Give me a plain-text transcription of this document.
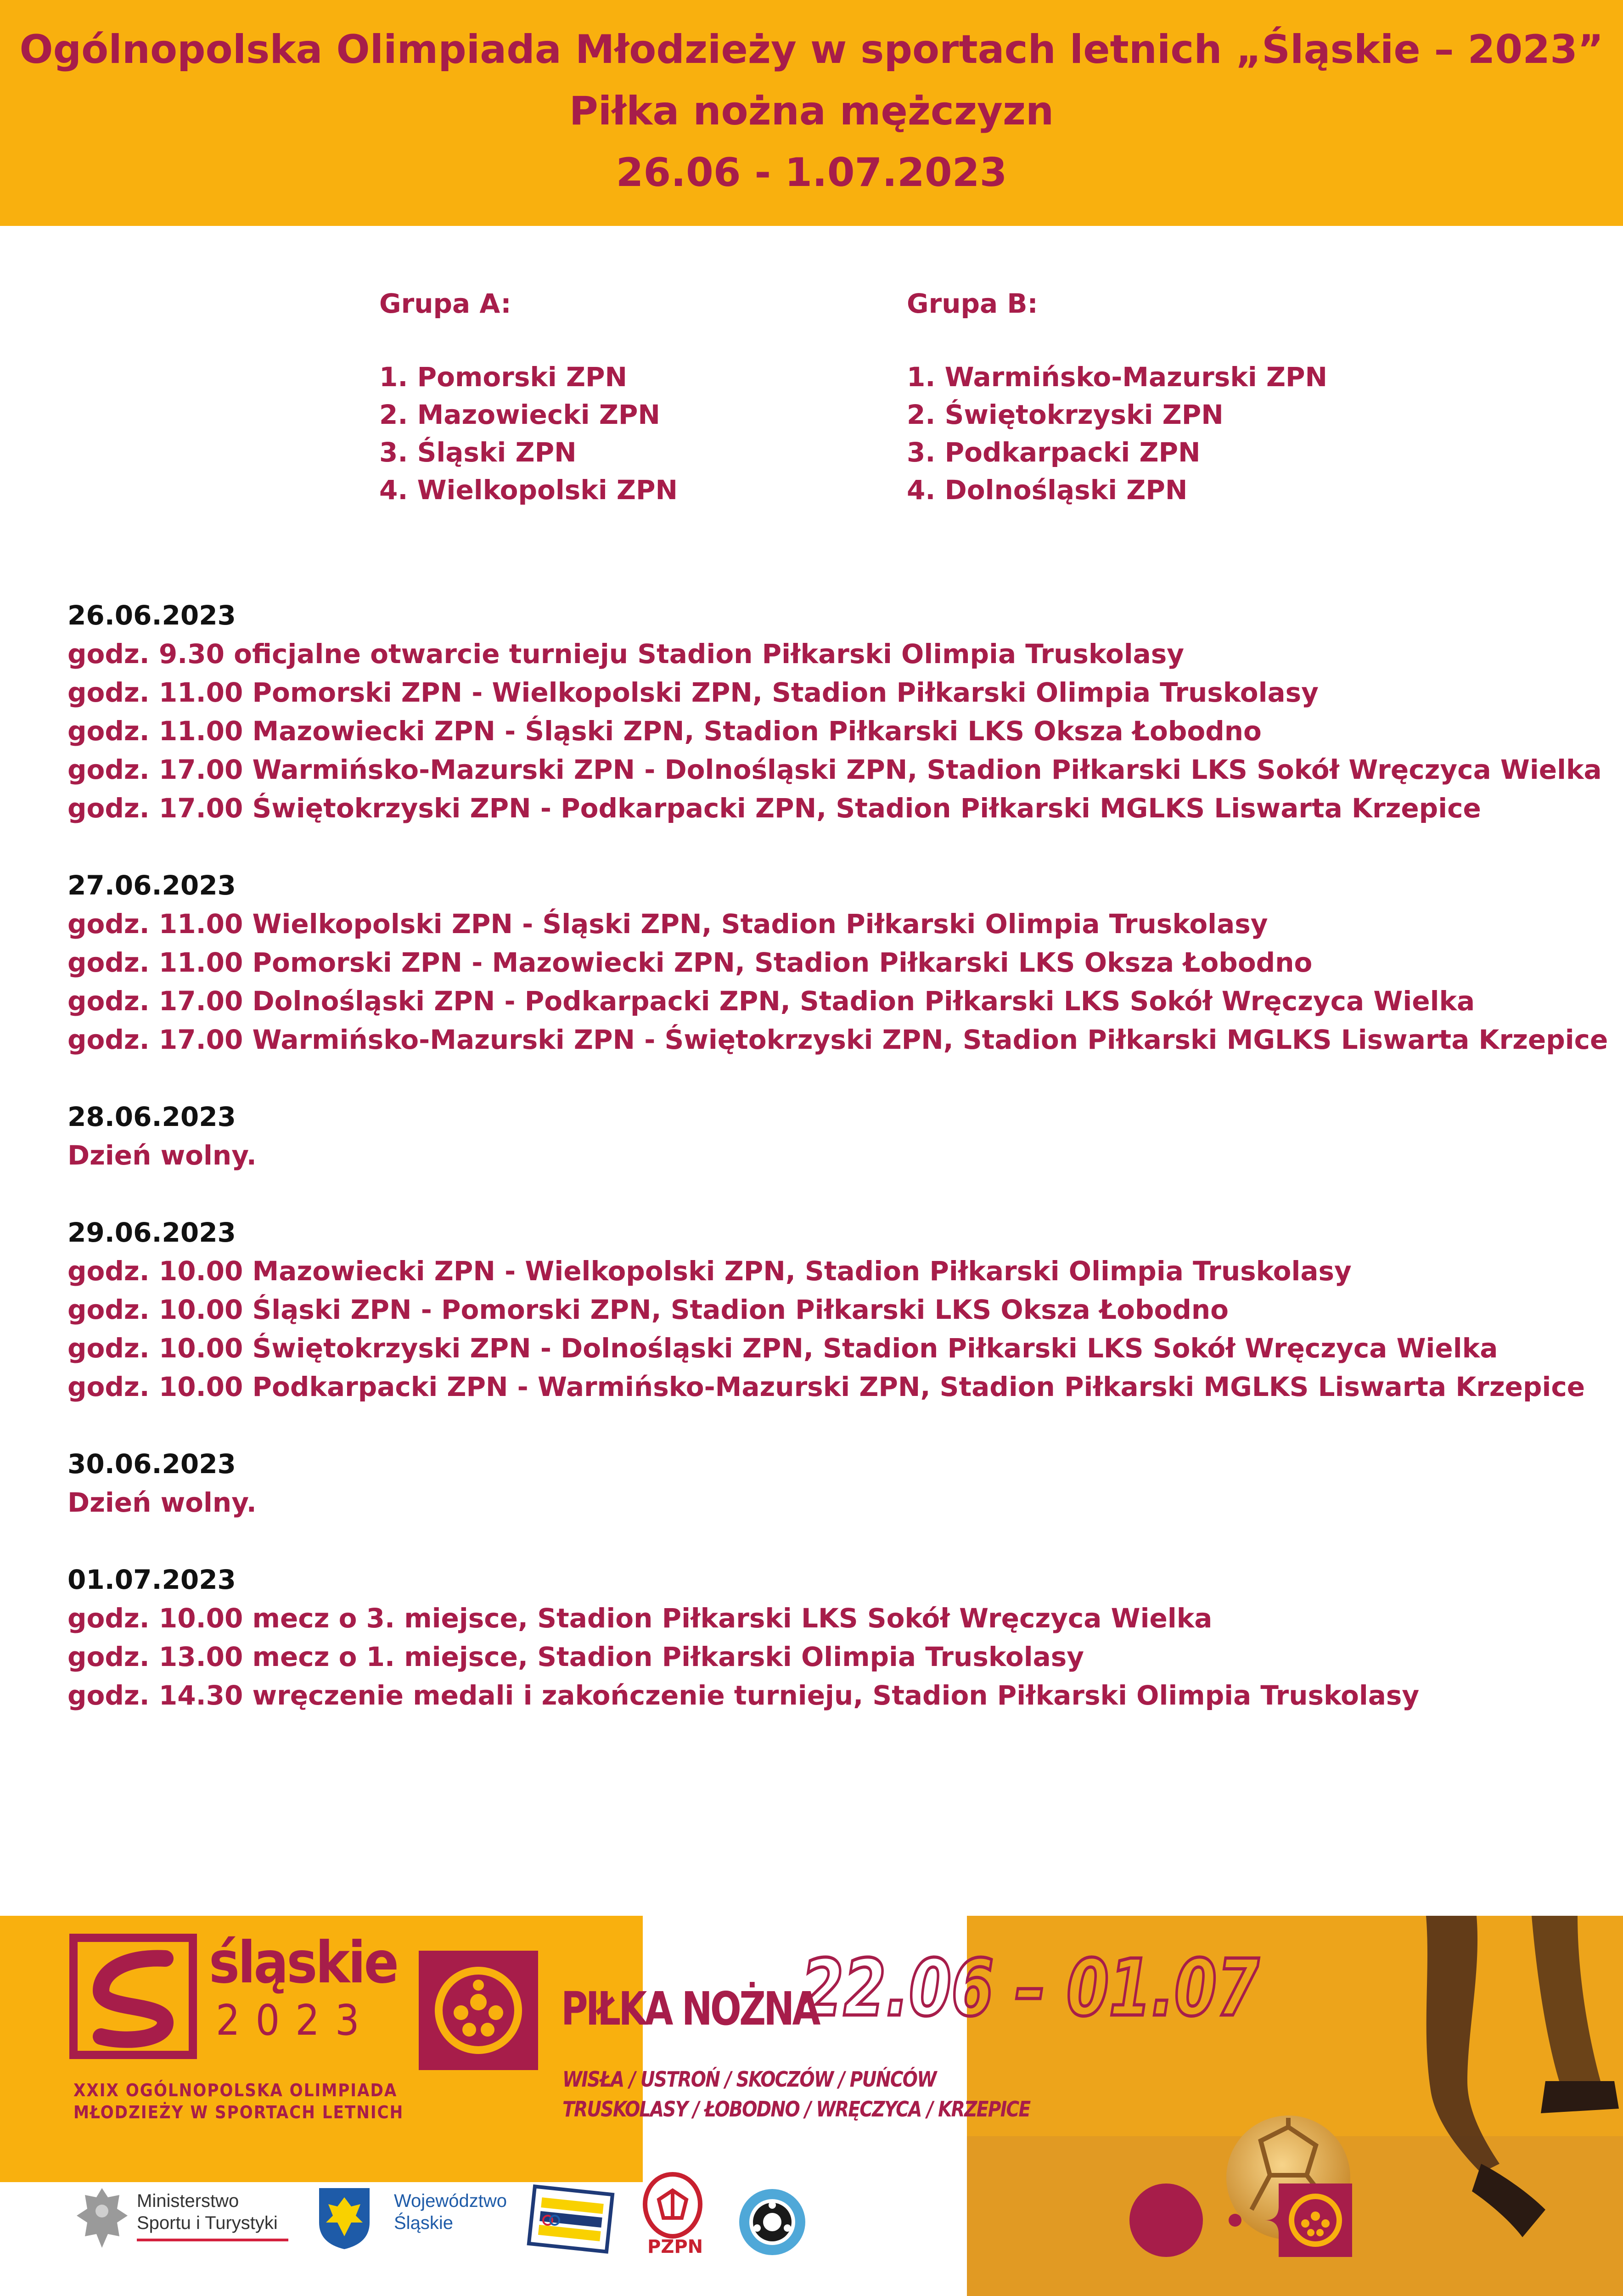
Ogólnopolska Olimpiada Młodzieży w sportach letnich „Śląskie – 2023”
Piłka nożna mężczyzn
26.06 - 1.07.2023
Grupa A:
1. Pomorski ZPN
2. Mazowiecki ZPN
3. Śląski ZPN
4. Wielkopolski ZPN
Grupa B:
1. Warmińsko-Mazurski ZPN
2. Świętokrzyski ZPN
3. Podkarpacki ZPN
4. Dolnośląski ZPN
26.06.2023
godz. 9.30 oficjalne otwarcie turnieju Stadion Piłkarski Olimpia Truskolasy
godz. 11.00 Pomorski ZPN - Wielkopolski ZPN, Stadion Piłkarski Olimpia Truskolasy
godz. 11.00 Mazowiecki ZPN - Śląski ZPN, Stadion Piłkarski LKS Oksza Łobodno
godz. 17.00 Warmińsko-Mazurski ZPN - Dolnośląski ZPN, Stadion Piłkarski LKS Sokół Wręczyca Wielka
godz. 17.00 Świętokrzyski ZPN - Podkarpacki ZPN, Stadion Piłkarski MGLKS Liswarta Krzepice
27.06.2023
godz. 11.00 Wielkopolski ZPN - Śląski ZPN, Stadion Piłkarski Olimpia Truskolasy
godz. 11.00 Pomorski ZPN - Mazowiecki ZPN, Stadion Piłkarski LKS Oksza Łobodno
godz. 17.00 Dolnośląski ZPN - Podkarpacki ZPN, Stadion Piłkarski LKS Sokół Wręczyca Wielka
godz. 17.00 Warmińsko-Mazurski ZPN - Świętokrzyski ZPN, Stadion Piłkarski MGLKS Liswarta Krzepice
28.06.2023
Dzień wolny.
29.06.2023
godz. 10.00 Mazowiecki ZPN - Wielkopolski ZPN, Stadion Piłkarski Olimpia Truskolasy
godz. 10.00 Śląski ZPN - Pomorski ZPN, Stadion Piłkarski LKS Oksza Łobodno
godz. 10.00 Świętokrzyski ZPN - Dolnośląski ZPN, Stadion Piłkarski LKS Sokół Wręczyca Wielka
godz. 10.00 Podkarpacki ZPN - Warmińsko-Mazurski ZPN, Stadion Piłkarski MGLKS Liswarta Krzepice
30.06.2023
Dzień wolny.
01.07.2023
godz. 10.00 mecz o 3. miejsce, Stadion Piłkarski LKS Sokół Wręczyca Wielka
godz. 13.00 mecz o 1. miejsce, Stadion Piłkarski Olimpia Truskolasy
godz. 14.30 wręczenie medali i zakończenie turnieju, Stadion Piłkarski Olimpia Truskolasy
śląskie
2023
XXIX OGÓLNOPOLSKA OLIMPIADA
MŁODZIEŻY W SPORTACH LETNICH
PIŁKA NOŻNA
22.06 – 01.07
WISŁA / USTROŃ / SKOCZÓW / PUŃCÓW
TRUSKOLASY / ŁOBODNO / WRĘCZYCA / KRZEPICE
Ministerstwo
Sportu i Turystyki
Województwo
Śląskie
PZPN
